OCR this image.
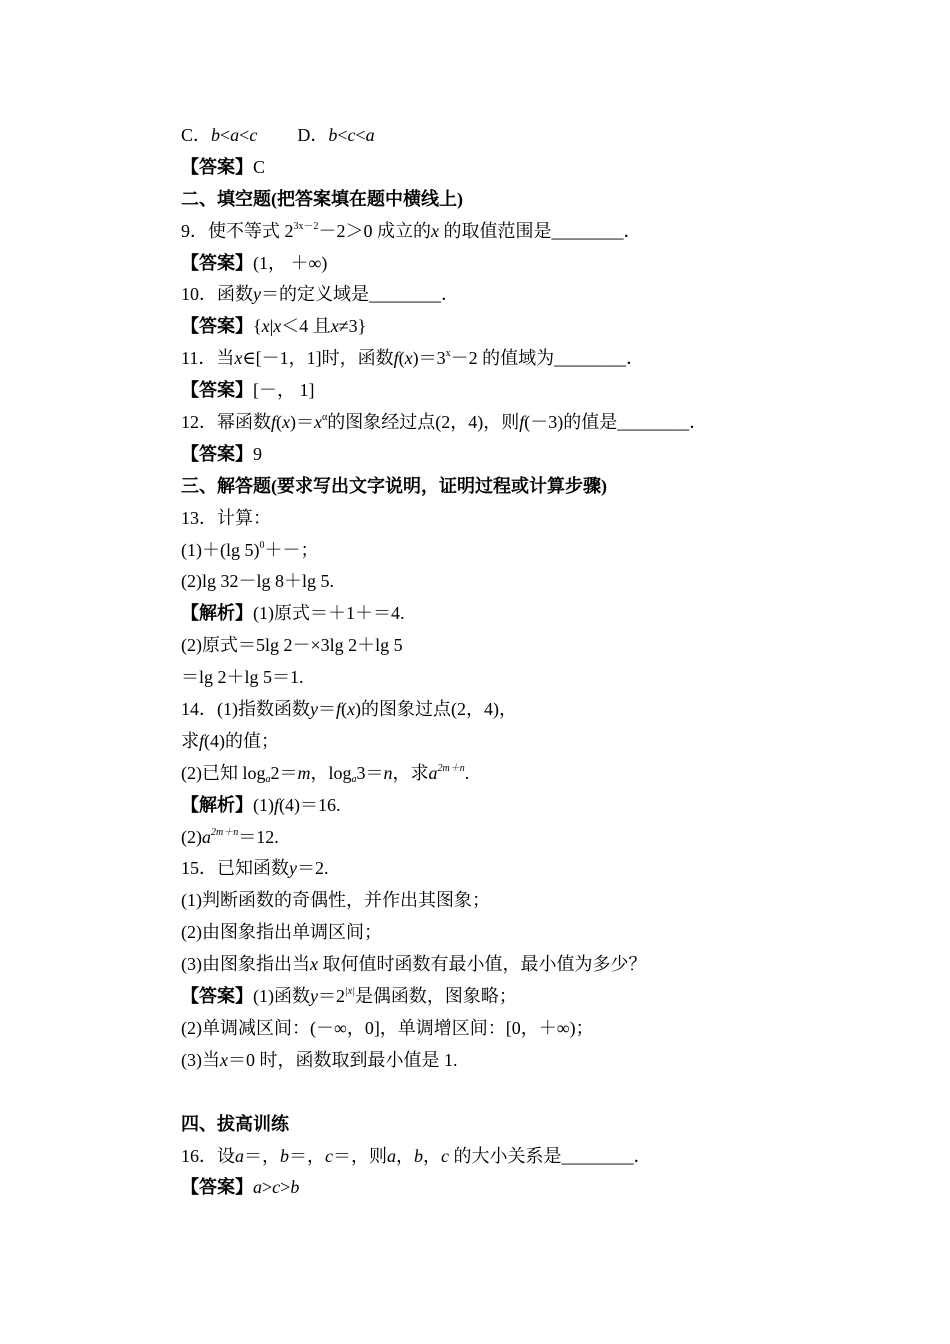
C．b<a<c D．b<c<a
【答案】C
二、填空题(把答案填在题中横线上)
9．使不等式 $2^{3x-2}-2>0$ 成立的x 的取值范围是________．
【答案】(1， ＋∞)
10．函数y＝的定义域是________．
【答案】{x|x＜4 且x≠3}
11．当x∈[－1，1]时，函数$f(x)=3^x-2$ 的值域为________．
【答案】[－， 1]
12．幂函数$f(x)=x^\alpha$的图象经过点(2，4)，则f(－3)的值是________．
【答案】9
三、解答题(要求写出文字说明，证明过程或计算步骤)
13．计算：
(1)＋(lg 5)$^0$＋－；
(2)lg 32－lg 8＋lg 5.
【解析】(1)原式＝＋1＋＝4.
(2)原式＝5lg 2－×3lg 2＋lg 5
＝lg 2＋lg 5＝1.
14．(1)指数函数y＝f(x)的图象过点(2，4)，
求f(4)的值；
(2)已知 $\log_a2=m$，$\log_a3=n$，求$a^{2m+n}$.
【解析】(1)f(4)＝16.
$(2)a^{2m+n}=12$.
15．已知函数y＝2.
(1)判断函数的奇偶性，并作出其图象；
(2)由图象指出单调区间；
(3)由图象指出当x 取何值时函数有最小值，最小值为多少？
【答案】(1)函数$y=2^{|x|}$是偶函数，图象略；
(2)单调减区间：(－∞，0]，单调增区间：[0，＋∞)；
(3)当x＝0 时，函数取到最小值是 1.
四、拔高训练
16．设a＝，b＝，c＝，则a，b，c 的大小关系是________．
【答案】a>c>b
